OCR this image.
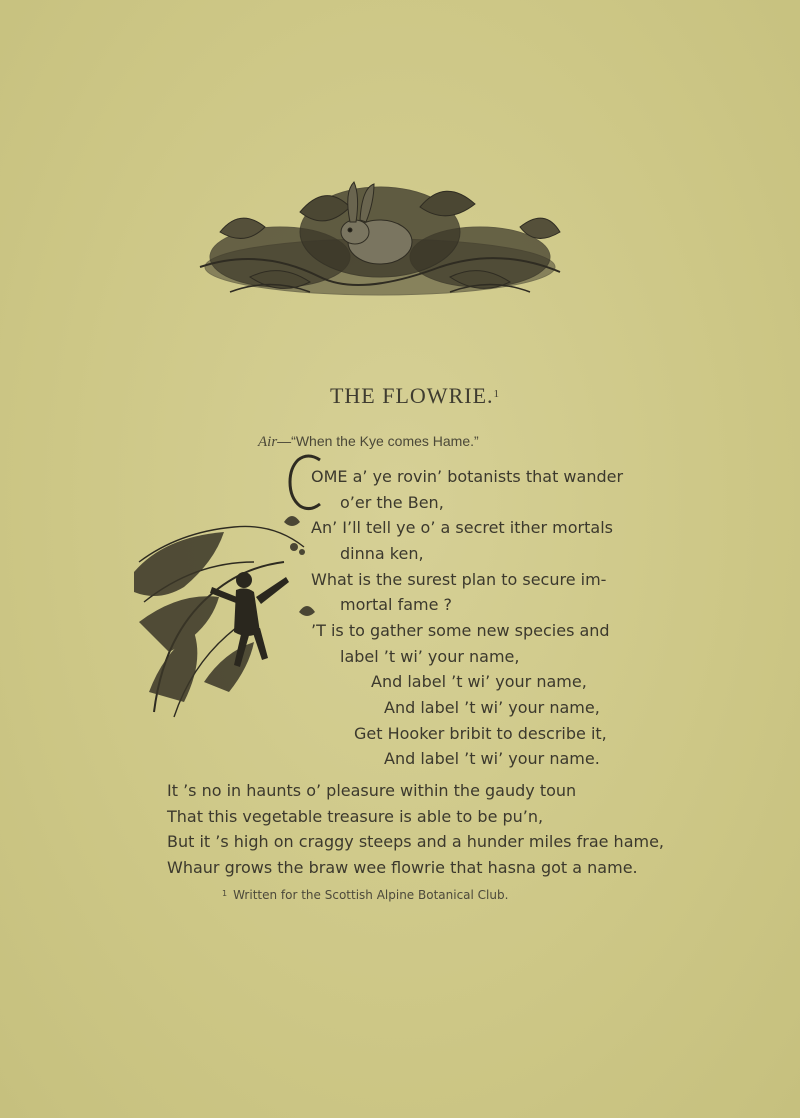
THE FLOWRIE.$^1$
Air—“When the Kye comes Hame.”
OME a’ ye rovin’ botanists that wander
o’er the Ben,
An’ I’ll tell ye o’ a secret ither mortals
dinna ken,
What is the surest plan to secure im-
mortal fame ?
’T is to gather some new species and
label ’t wi’ your name,
And label ’t wi’ your name,
And label ’t wi’ your name,
Get Hooker bribit to describe it,
And label ’t wi’ your name.
It ’s no in haunts o’ pleasure within the gaudy toun
That this vegetable treasure is able to be pu’n,
But it ’s high on craggy steeps and a hunder miles frae hame,
Whaur grows the braw wee flowrie that hasna got a name.
$^1$ Written for the Scottish Alpine Botanical Club.
